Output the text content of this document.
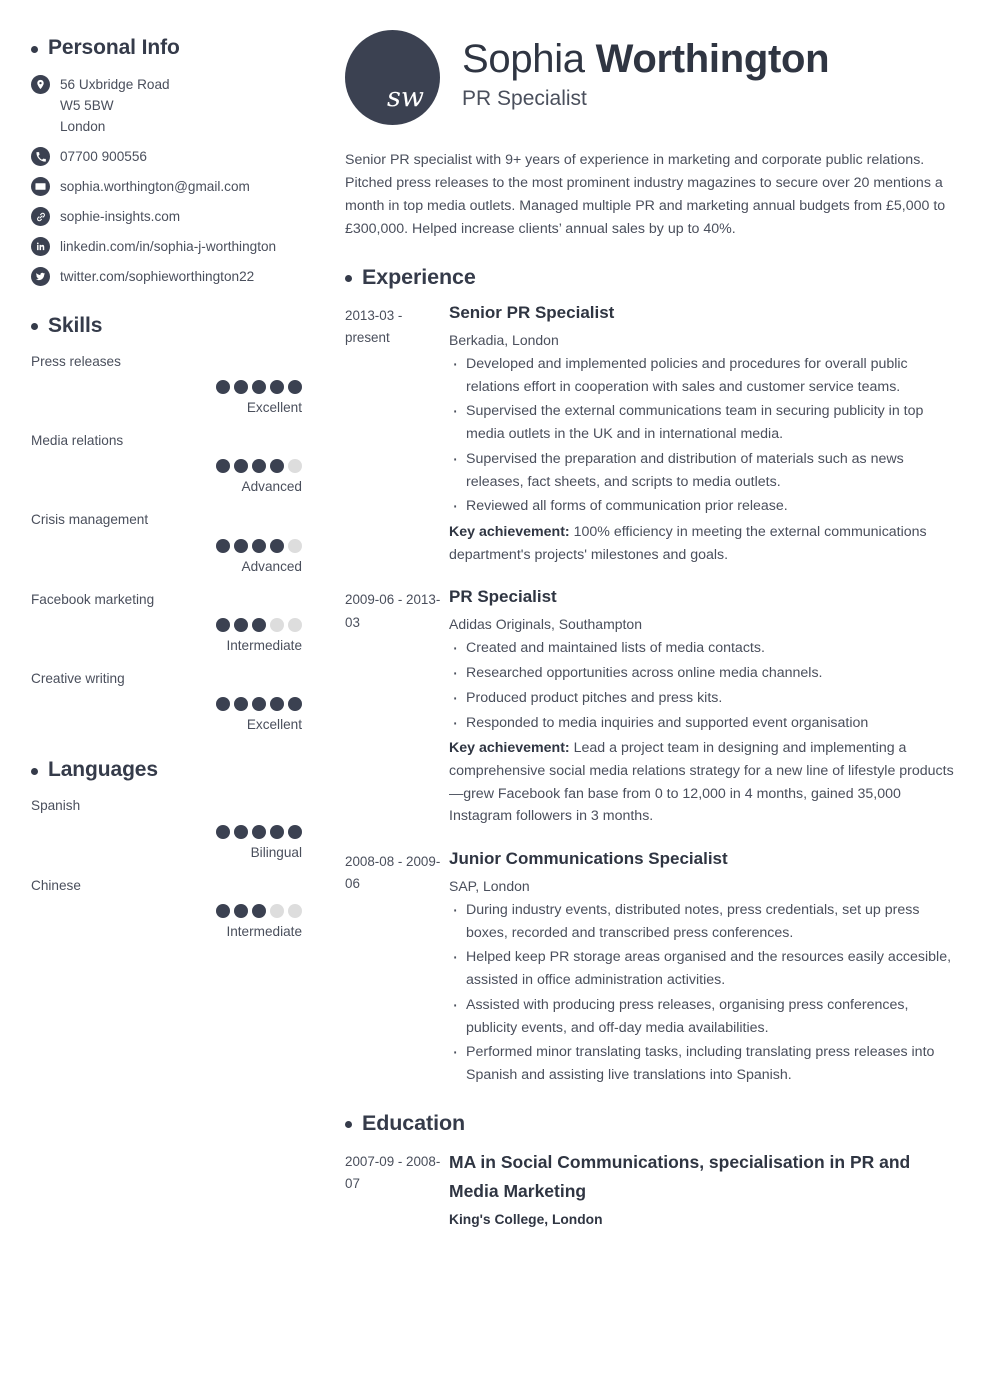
Personal Info
56 Uxbridge Road
W5 5BW
London
07700 900556
sophia.worthington@gmail.com
sophie-insights.com
linkedin.com/in/sophia-j-worthington
twitter.com/sophieworthington22
Skills
Press releases
Excellent
Media relations
Advanced
Crisis management
Advanced
Facebook marketing
Intermediate
Creative writing
Excellent
Languages
Spanish
Bilingual
Chinese
Intermediate
sw
Sophia Worthington
PR Specialist

Senior PR specialist with 9+ years of experience in marketing and corporate public relations. Pitched press releases to the most prominent industry magazines to secure over 20 mentions a month in top media outlets. Managed multiple PR and marketing annual budgets from £5,000 to £300,000. Helped increase clients’ annual sales by up to 40%.

Experience
2013-03 - present
Senior PR Specialist
Berkadia, London
· Developed and implemented policies and procedures for overall public relations effort in cooperation with sales and customer service teams.
· Supervised the external communications team in securing publicity in top media outlets in the UK and in international media.
· Supervised the preparation and distribution of materials such as news releases, fact sheets, and scripts to media outlets.
· Reviewed all forms of communication prior release.
Key achievement: 100% efficiency in meeting the external communications department's projects' milestones and goals.
2009-06 - 2013-03
PR Specialist
Adidas Originals, Southampton
· Created and maintained lists of media contacts.
· Researched opportunities across online media channels.
· Produced product pitches and press kits.
· Responded to media inquiries and supported event organisation
Key achievement: Lead a project team in designing and implementing a comprehensive social media relations strategy for a new line of lifestyle products—grew Facebook fan base from 0 to 12,000 in 4 months, gained 35,000 Instagram followers in 3 months.
2008-08 - 2009-06
Junior Communications Specialist
SAP, London
· During industry events, distributed notes, press credentials, set up press boxes, recorded and transcribed press conferences.
· Helped keep PR storage areas organised and the resources easily accesible, assisted in office administration activities.
· Assisted with producing press releases, organising press conferences, publicity events, and off-day media availabilities.
· Performed minor translating tasks, including translating press releases into Spanish and assisting live translations into Spanish.
Education
2007-09 - 2008-07
MA in Social Communications, specialisation in PR and Media Marketing
King's College, London
